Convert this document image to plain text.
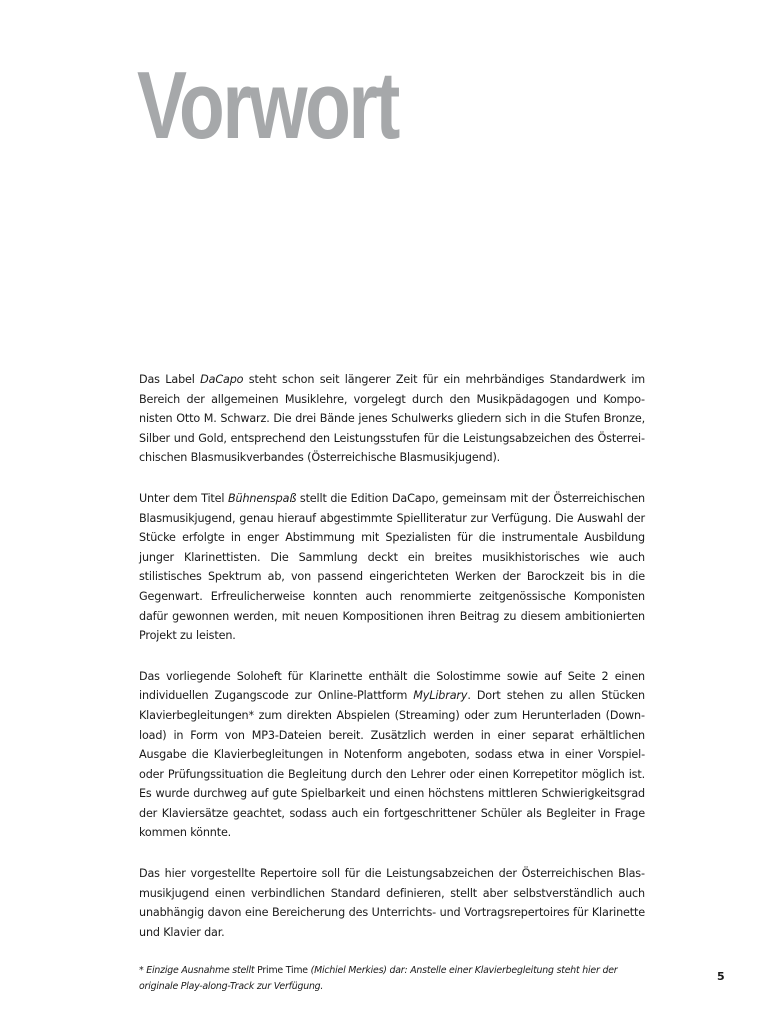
Vorwort

Das Label DaCapo steht schon seit längerer Zeit für ein mehrbändiges Standardwerk im Bereich der allgemeinen Musiklehre, vorgelegt durch den Musikpädagogen und Komponisten Otto M. Schwarz. Die drei Bände jenes Schulwerks gliedern sich in die Stufen Bronze, Silber und Gold, entsprechend den Leistungsstufen für die Leistungsabzeichen des Österreichischen Blasmusikverbandes (Österreichische Blasmusikjugend).

Unter dem Titel Bühnenspaß stellt die Edition DaCapo, gemeinsam mit der Österreichischen Blasmusikjugend, genau hierauf abgestimmte Spielliteratur zur Verfügung. Die Auswahl der Stücke erfolgte in enger Abstimmung mit Spezialisten für die instrumentale Ausbildung junger Klarinettisten. Die Sammlung deckt ein breites musikhistorisches wie auch stilistisches Spektrum ab, von passend eingerichteten Werken der Barockzeit bis in die Gegenwart. Erfreulicherweise konnten auch renommierte zeitgenössische Komponisten dafür gewonnen werden, mit neuen Kompositionen ihren Beitrag zu diesem ambitionierten Projekt zu leisten.

Das vorliegende Soloheft für Klarinette enthält die Solostimme sowie auf Seite 2 einen individuellen Zugangscode zur Online-Plattform MyLibrary. Dort stehen zu allen Stücken Klavierbegleitungen* zum direkten Abspielen (Streaming) oder zum Herunterladen (Download) in Form von MP3-Dateien bereit. Zusätzlich werden in einer separat erhältlichen Ausgabe die Klavierbegleitungen in Notenform angeboten, sodass etwa in einer Vorspiel- oder Prüfungssituation die Begleitung durch den Lehrer oder einen Korrepetitor möglich ist. Es wurde durchweg auf gute Spielbarkeit und einen höchstens mittleren Schwierigkeitsgrad der Klaviersätze geachtet, sodass auch ein fortgeschrittener Schüler als Begleiter in Frage kommen könnte.

Das hier vorgestellte Repertoire soll für die Leistungsabzeichen der Österreichischen Blasmusikjugend einen verbindlichen Standard definieren, stellt aber selbstverständlich auch unabhängig davon eine Bereicherung des Unterrichts- und Vortragsrepertoires für Klarinette und Klavier dar.

* Einzige Ausnahme stellt Prime Time (Michiel Merkies) dar: Anstelle einer Klavierbegleitung steht hier der originale Play-along-Track zur Verfügung.

5
